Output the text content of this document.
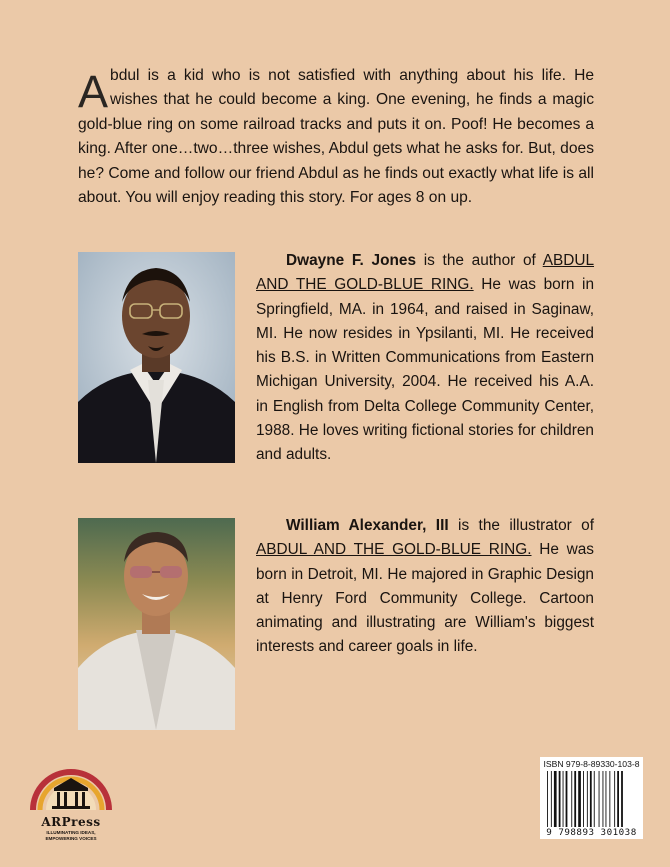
Abdul is a kid who is not satisfied with anything about his life. He wishes that he could become a king. One evening, he finds a magic gold-blue ring on some railroad tracks and puts it on. Poof! He becomes a king. After one…two…three wishes, Abdul gets what he asks for. But, does he? Come and follow our friend Abdul as he finds out exactly what life is all about. You will enjoy reading this story. For ages 8 on up.

Dwayne F. Jones is the author of ABDUL AND THE GOLD-BLUE RING. He was born in Springfield, MA. in 1964, and raised in Saginaw, MI. He now resides in Ypsilanti, MI. He received his B.S. in Written Communications from Eastern Michigan University, 2004. He received his A.A. in English from Delta College Community Center, 1988. He loves writing fictional stories for children and adults.

William Alexander, III is the illustrator of ABDUL AND THE GOLD-BLUE RING. He was born in Detroit, MI. He majored in Graphic Design at Henry Ford Community College. Cartoon animating and illustrating are William's biggest interests and career goals in life.

ARPress
ILLUMINATING IDEAS,
EMPOWERING VOICES
ISBN 979-8-89330-103-8
9 798893 301038
